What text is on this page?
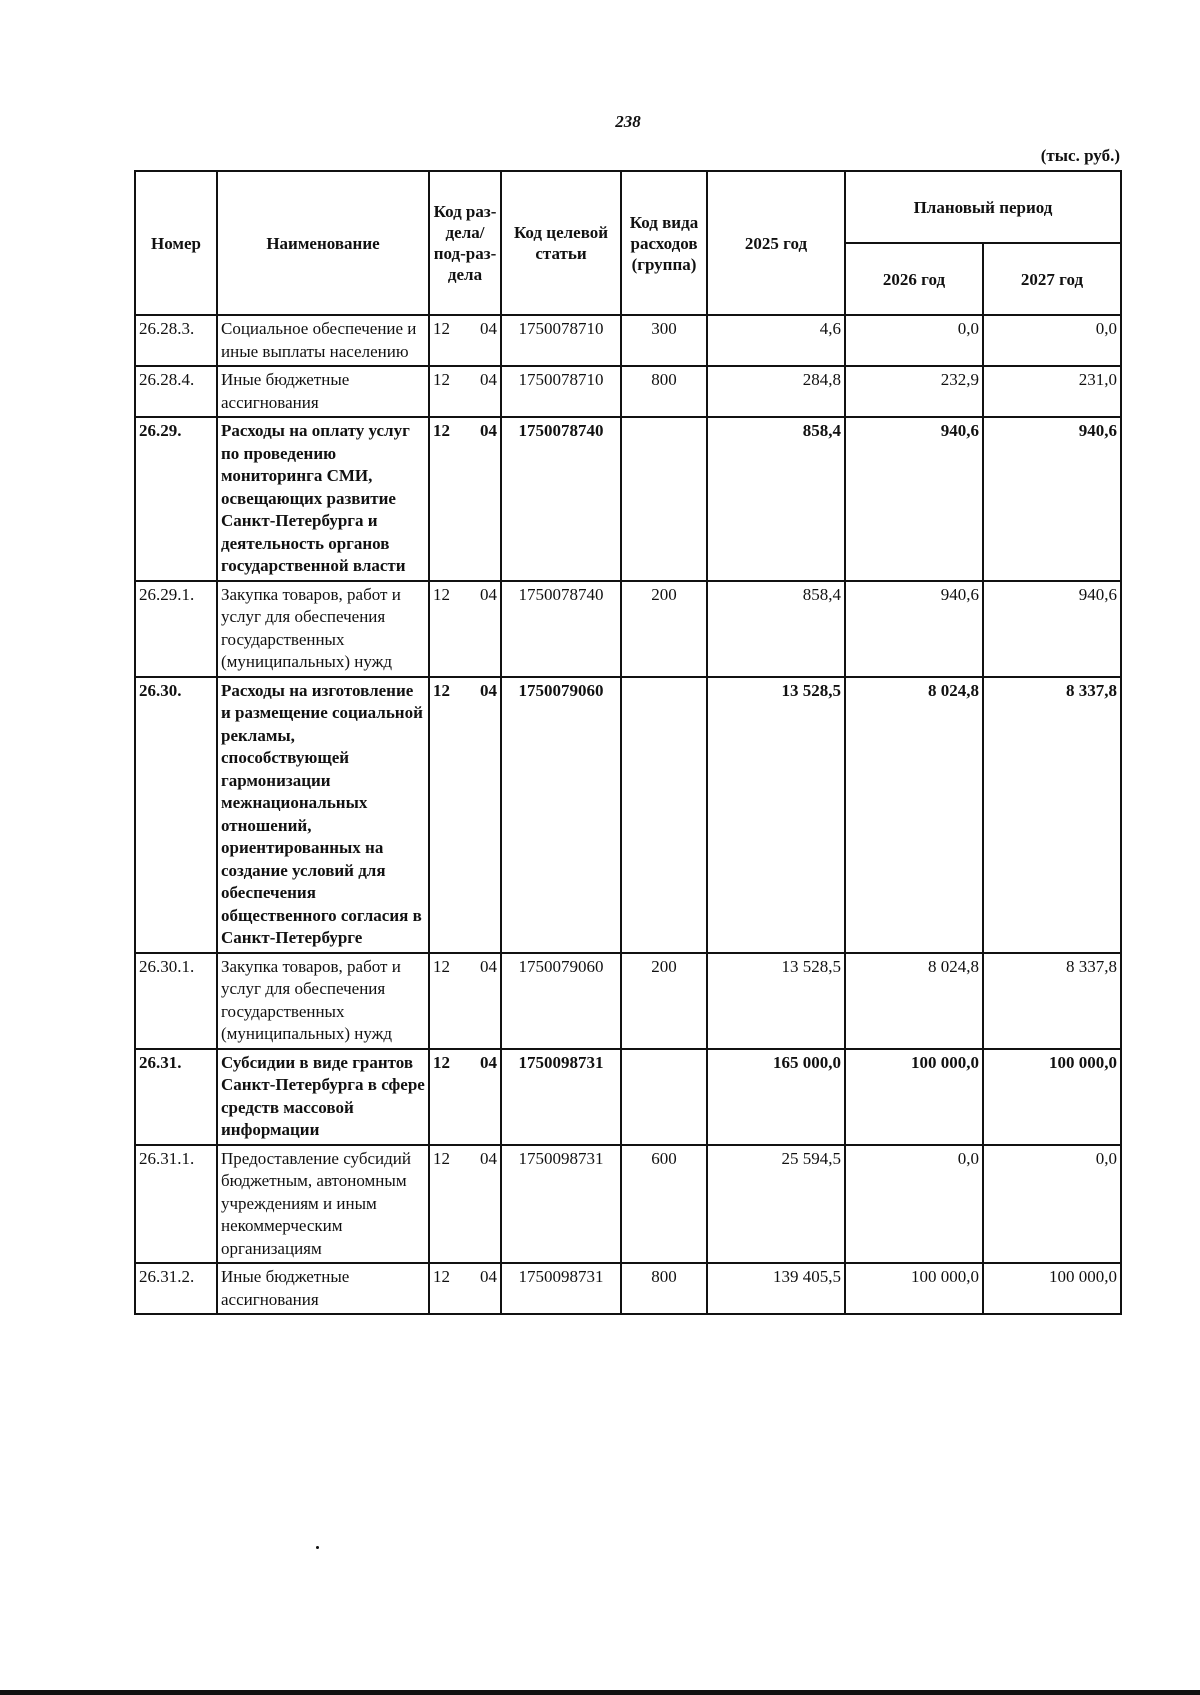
238
(тыс. руб.)
Номер	Наименование	Код раз-дела/ под-раз-дела	Код целевой статьи	Код вида расходов (группа)	2025 год	Плановый период	
						2026 год	2027 год
26.28.3.	Социальное обеспечение и иные выплаты населению	12 04	1750078710	300	4,6	0,0	0,0
26.28.4.	Иные бюджетные ассигнования	12 04	1750078710	800	284,8	232,9	231,0
26.29.	Расходы на оплату услуг по проведению мониторинга СМИ, освещающих развитие Санкт-Петербурга и деятельность органов государственной власти	12 04	1750078740		858,4	940,6	940,6
26.29.1.	Закупка товаров, работ и услуг для обеспечения государственных (муниципальных) нужд	12 04	1750078740	200	858,4	940,6	940,6
26.30.	Расходы на изготовление и размещение социальной рекламы, способствующей гармонизации межнациональных отношений, ориентированных на создание условий для обеспечения общественного согласия в Санкт-Петербурге	12 04	1750079060		13 528,5	8 024,8	8 337,8
26.30.1.	Закупка товаров, работ и услуг для обеспечения государственных (муниципальных) нужд	12 04	1750079060	200	13 528,5	8 024,8	8 337,8
26.31.	Субсидии в виде грантов Санкт-Петербурга в сфере средств массовой информации	12 04	1750098731		165 000,0	100 000,0	100 000,0
26.31.1.	Предоставление субсидий бюджетным, автономным учреждениям и иным некоммерческим организациям	12 04	1750098731	600	25 594,5	0,0	0,0
26.31.2.	Иные бюджетные ассигнования	12 04	1750098731	800	139 405,5	100 000,0	100 000,0
